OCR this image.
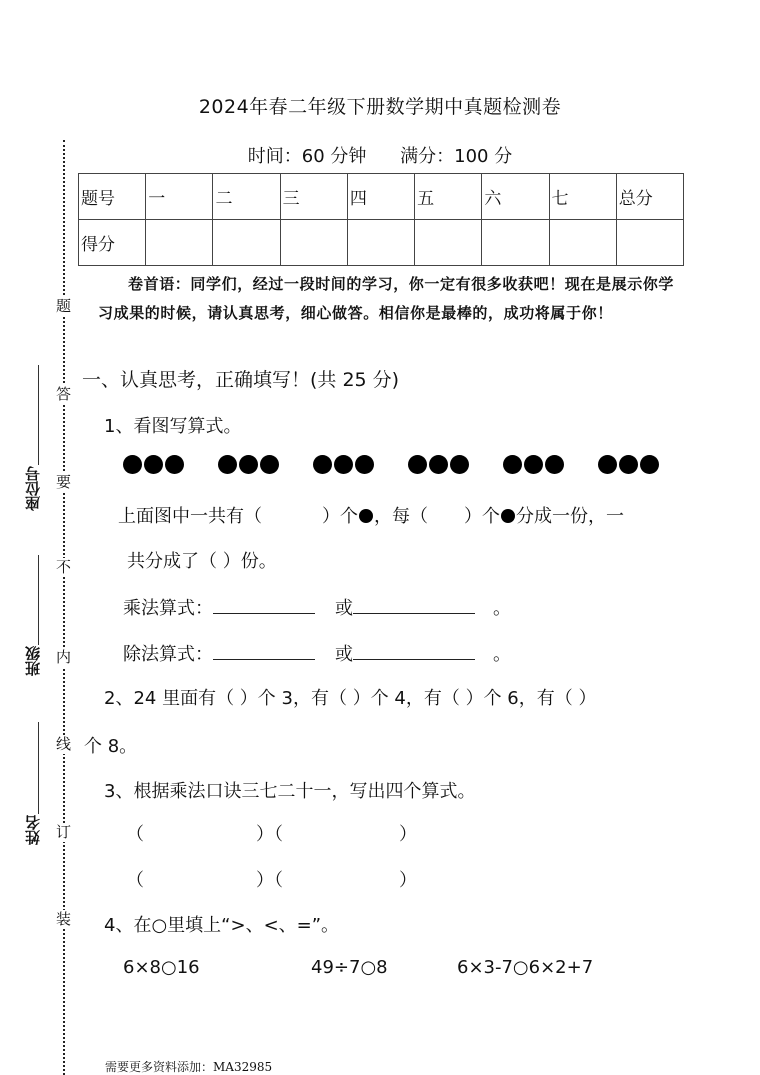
题
答
要
不
内
线
订
装
座位号
班级
姓名
2024年春二年级下册数学期中真题检测卷
时间：60 分钟 满分：100 分
题号	一	二	三	四	五	六	七	总分
得分								
卷首语：同学们，经过一段时间的学习，你一定有很多收获吧！现在是展示你学习成果的时候，请认真思考，细心做答。相信你是最棒的，成功将属于你！
一、认真思考，正确填写！(共 25 分)
1、看图写算式。

上面图中一共有（	）个 ，每（ ）个 分成一份，一
共分成了（ ）份。
乘法算式：	或	。
除法算式：	或	。
2、24 里面有（ ）个 3，有（ ）个 4，有（ ）个 6，有（ ）
个 8。
3、根据乘法口诀三七二十一，写出四个算式。
（	）（	）
（	）（	）
4、在○里填上“>、<、=”。
6×8○16	49÷7○8	6×3-7○6×2+7
需要更多资料添加：MA32985
